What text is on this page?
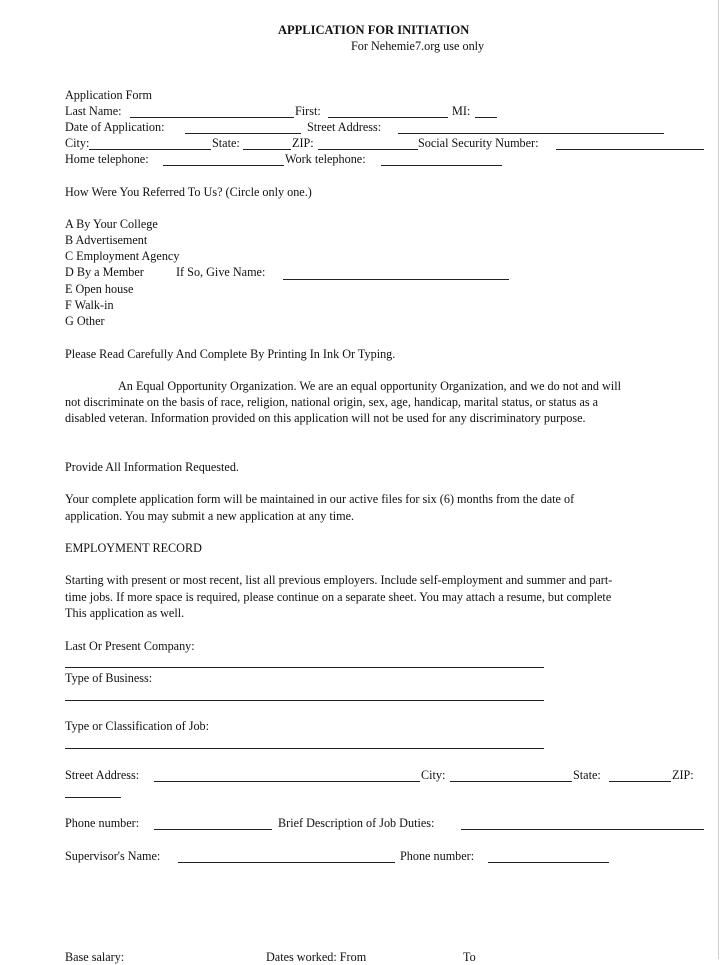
APPLICATION FOR INITIATION
For Nehemie7.org use only
Application Form
Last Name:	First:	MI:
Date of Application:	Street Address:
City:	State:	ZIP:	Social Security Number:
Home telephone:	Work telephone:
How Were You Referred To Us? (Circle only one.)
A By Your College
B Advertisement
C Employment Agency
D By a Member	If So, Give Name:
E Open house
F Walk-in
G Other
Please Read Carefully And Complete By Printing In Ink Or Typing.
An Equal Opportunity Organization. We are an equal opportunity Organization, and we do not and will
not discriminate on the basis of race, religion, national origin, sex, age, handicap, marital status, or status as a
disabled veteran. Information provided on this application will not be used for any discriminatory purpose.
Provide All Information Requested.
Your complete application form will be maintained in our active files for six (6) months from the date of
application. You may submit a new application at any time.
EMPLOYMENT RECORD
Starting with present or most recent, list all previous employers. Include self-employment and summer and part-
time jobs. If more space is required, please continue on a separate sheet. You may attach a resume, but complete
This application as well.
Last Or Present Company:
Type of Business:
Type or Classification of Job:
Street Address:	City:	State:	ZIP:
Phone number:	Brief Description of Job Duties:
Supervisor's Name:	Phone number:
Base salary:	Dates worked: From	To
